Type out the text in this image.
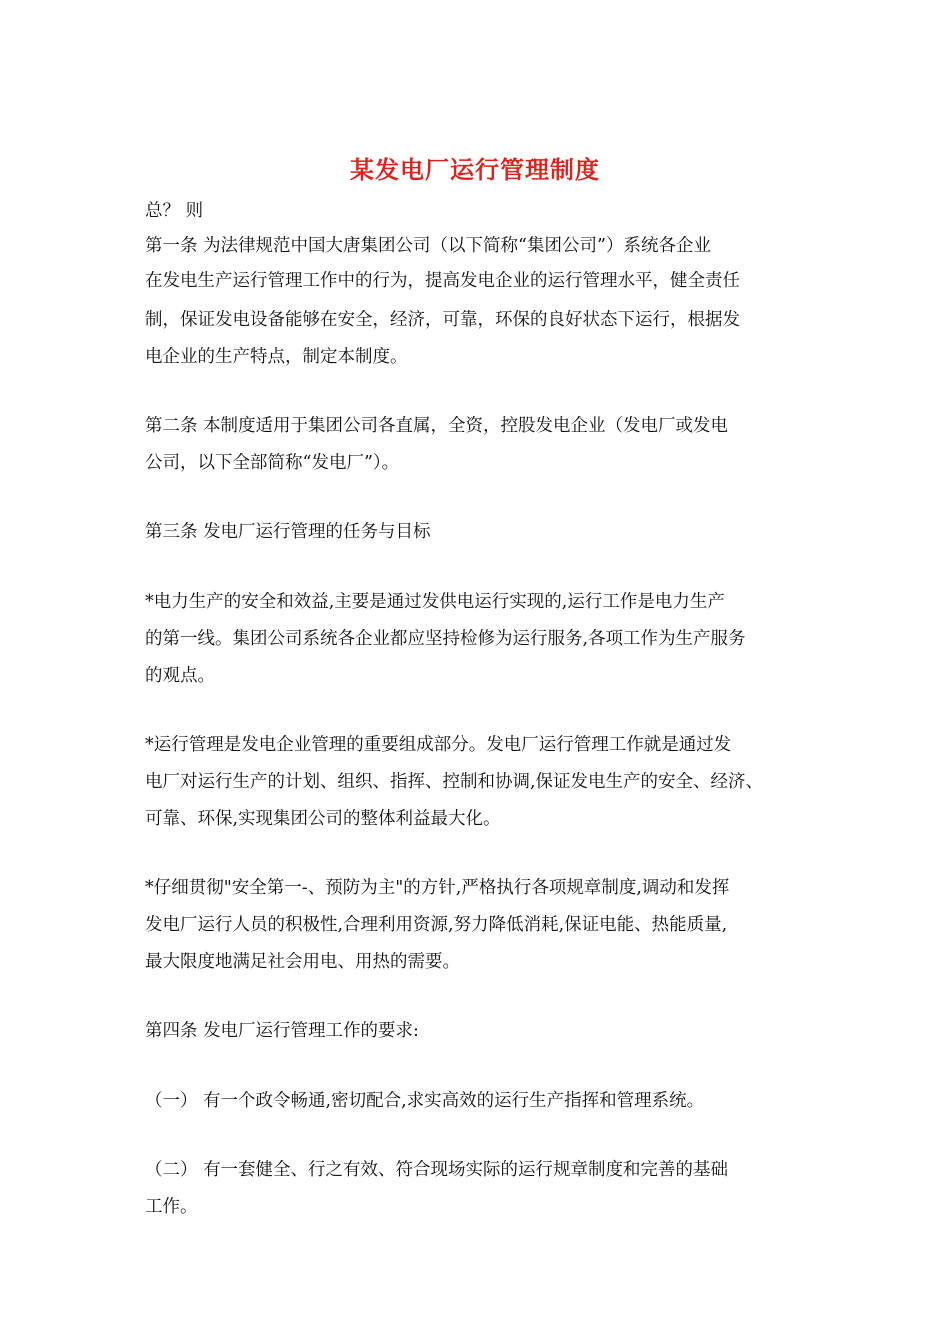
某发电厂运行管理制度
总？ 则
第一条 为法律规范中国大唐集团公司（以下简称“集团公司”）系统各企业
在发电生产运行管理工作中的行为，提高发电企业的运行管理水平，健全责任
制，保证发电设备能够在安全，经济，可靠，环保的良好状态下运行，根据发
电企业的生产特点，制定本制度。
第二条 本制度适用于集团公司各直属，全资，控股发电企业（发电厂或发电
公司，以下全部简称“发电厂”）。
第三条 发电厂运行管理的任务与目标
*电力生产的安全和效益,主要是通过发供电运行实现的,运行工作是电力生产
的第一线。集团公司系统各企业都应坚持检修为运行服务,各项工作为生产服务
的观点。
*运行管理是发电企业管理的重要组成部分。发电厂运行管理工作就是通过发
电厂对运行生产的计划、组织、指挥、控制和协调,保证发电生产的安全、经济、
可靠、环保,实现集团公司的整体利益最大化。
*仔细贯彻"安全第一-、预防为主"的方针,严格执行各项规章制度,调动和发挥
发电厂运行人员的积极性,合理利用资源,努力降低消耗,保证电能、热能质量,
最大限度地满足社会用电、用热的需要。
第四条 发电厂运行管理工作的要求:
（一） 有一个政令畅通,密切配合,求实高效的运行生产指挥和管理系统。
（二） 有一套健全、行之有效、符合现场实际的运行规章制度和完善的基础
工作。
